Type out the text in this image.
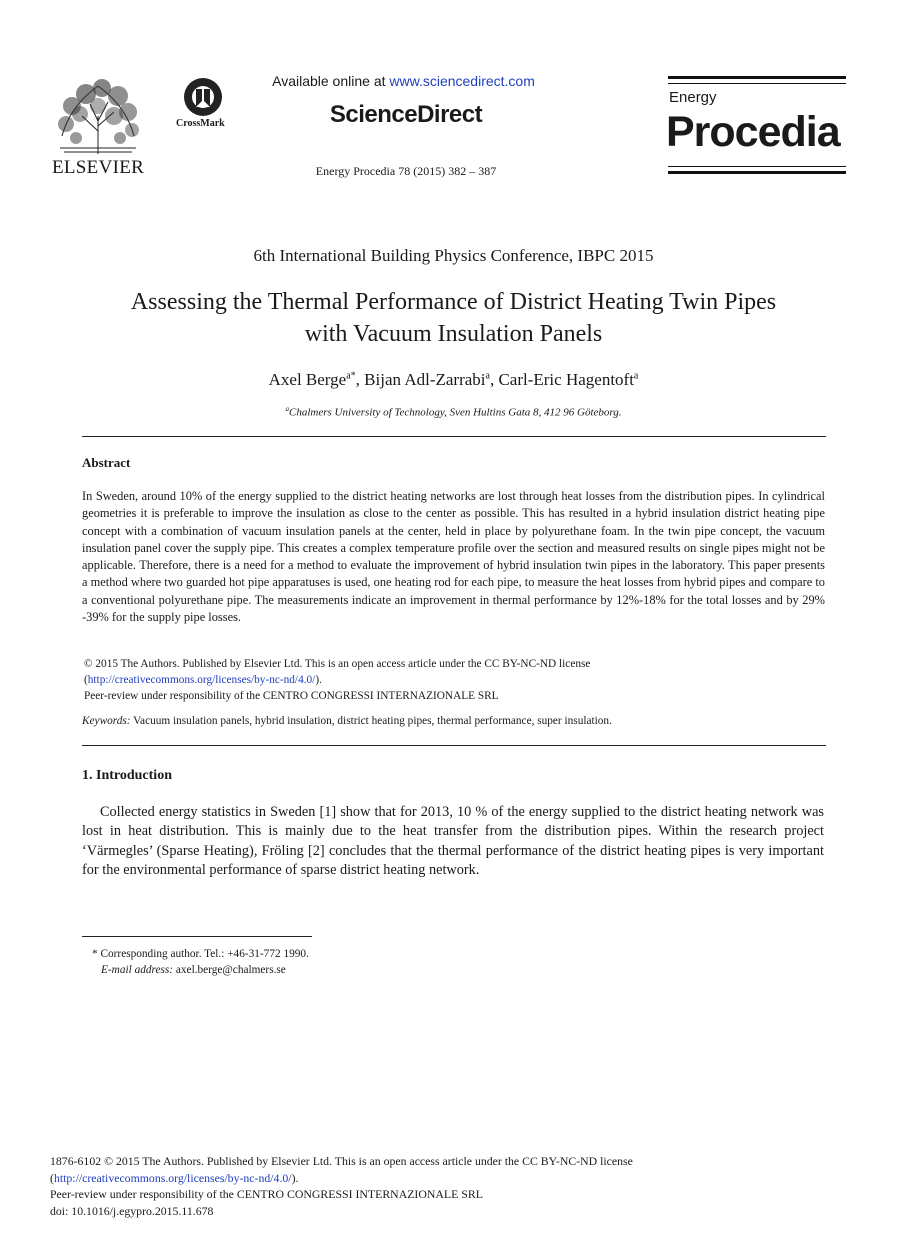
ELSEVIER
CrossMark
Available online at www.sciencedirect.com
ScienceDirect
Energy Procedia 78 (2015) 382 – 387
Energy
Procedia
6th International Building Physics Conference, IBPC 2015
Assessing the Thermal Performance of District Heating Twin Pipes
with Vacuum Insulation Panels
Axel Berge$^{a*}$, Bijan Adl-Zarrabi$^a$, Carl-Eric Hagentoft$^a$
$^a$Chalmers University of Technology, Sven Hultins Gata 8, 412 96 Göteborg.
Abstract
In Sweden, around 10% of the energy supplied to the district heating networks are lost through heat losses from the distribution pipes. In cylindrical geometries it is preferable to improve the insulation as close to the center as possible. This has resulted in a hybrid insulation district heating pipe concept with a combination of vacuum insulation panels at the center, held in place by polyurethane foam. In the twin pipe concept, the vacuum insulation panel cover the supply pipe. This creates a complex temperature profile over the section and measured results on single pipes might not be applicable. Therefore, there is a need for a method to evaluate the improvement of hybrid insulation twin pipes in the laboratory. This paper presents a method where two guarded hot pipe apparatuses is used, one heating rod for each pipe, to measure the heat losses from hybrid pipes and compare to a conventional polyurethane pipe. The measurements indicate an improvement in thermal performance by 12%-18% for the total losses and by 29% -39% for the supply pipe losses.
© 2015 The Authors. Published by Elsevier Ltd. This is an open access article under the CC BY-NC-ND license
(http://creativecommons.org/licenses/by-nc-nd/4.0/).
Peer-review under responsibility of the CENTRO CONGRESSI INTERNAZIONALE SRL
Keywords: Vacuum insulation panels, hybrid insulation, district heating pipes, thermal performance, super insulation.
1. Introduction
Collected energy statistics in Sweden [1] show that for 2013, 10 % of the energy supplied to the district heating network was lost in heat distribution. This is mainly due to the heat transfer from the distribution pipes. Within the research project ‘Värmegles’ (Sparse Heating), Fröling [2] concludes that the thermal performance of the district heating pipes is very important for the environmental performance of sparse district heating network.
* Corresponding author. Tel.: +46-31-772 1990.
E-mail address: axel.berge@chalmers.se
1876-6102 © 2015 The Authors. Published by Elsevier Ltd. This is an open access article under the CC BY-NC-ND license
(http://creativecommons.org/licenses/by-nc-nd/4.0/).
Peer-review under responsibility of the CENTRO CONGRESSI INTERNAZIONALE SRL
doi: 10.1016/j.egypro.2015.11.678
